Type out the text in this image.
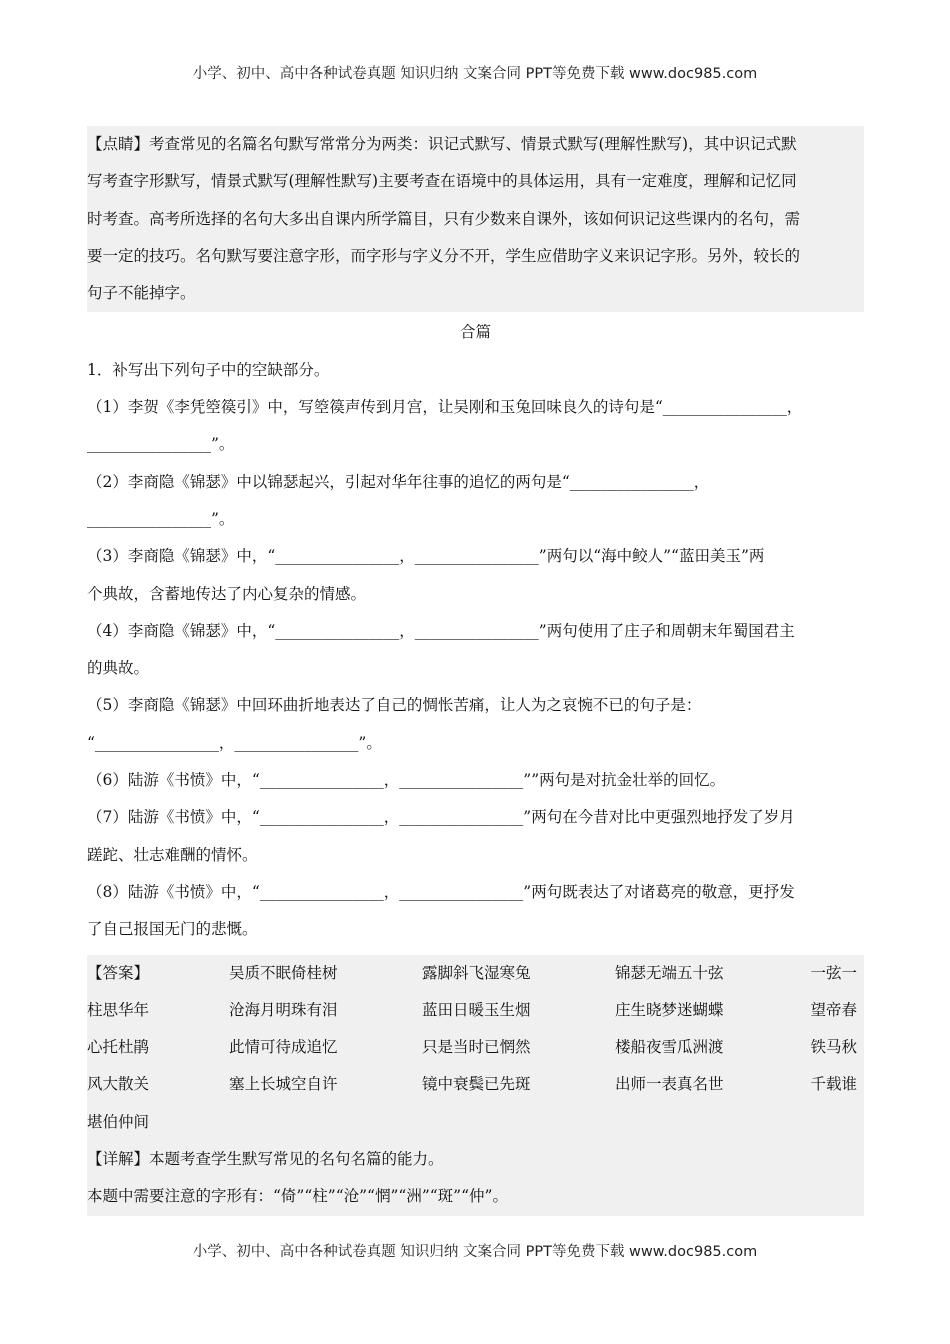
小学、初中、高中各种试卷真题 知识归纳 文案合同 PPT等免费下载 www.doc985.com
【点睛】考查常见的名篇名句默写常常分为两类：识记式默写、情景式默写(理解性默写)，其中识记式默
写考查字形默写，情景式默写(理解性默写)主要考查在语境中的具体运用，具有一定难度，理解和记忆同
时考查。高考所选择的名句大多出自课内所学篇目，只有少数来自课外，该如何识记这些课内的名句，需
要一定的技巧。名句默写要注意字形，而字形与字义分不开，学生应借助字义来识记字形。另外，较长的
句子不能掉字。
合篇
1．补写出下列句子中的空缺部分。
（1）李贺《李凭箜篌引》中，写箜篌声传到月宫，让吴刚和玉兔回味良久的诗句是“________________，
________________”。
（2）李商隐《锦瑟》中以锦瑟起兴，引起对华年往事的追忆的两句是“________________，
________________”。
（3）李商隐《锦瑟》中，“________________，________________”两句以“海中鲛人”“蓝田美玉”两
个典故，含蓄地传达了内心复杂的情感。
（4）李商隐《锦瑟》中，“________________，________________”两句使用了庄子和周朝末年蜀国君主
的典故。
（5）李商隐《锦瑟》中回环曲折地表达了自己的惆怅苦痛，让人为之哀惋不已的句子是：
“________________，________________”。
（6）陆游《书愤》中，“________________，________________””两句是对抗金壮举的回忆。
（7）陆游《书愤》中，“________________，________________”两句在今昔对比中更强烈地抒发了岁月
蹉跎、壮志难酬的情怀。
（8）陆游《书愤》中，“________________，________________”两句既表达了对诸葛亮的敬意，更抒发
了自己报国无门的悲慨。
【答案】	吴质不眠倚桂树	露脚斜飞湿寒兔	锦瑟无端五十弦	一弦一
柱思华年	沧海月明珠有泪	蓝田日暖玉生烟	庄生晓梦迷蝴蝶	望帝春
心托杜鹃	此情可待成追忆	只是当时已惘然	楼船夜雪瓜洲渡	铁马秋
风大散关	塞上长城空自许	镜中衰鬓已先斑	出师一表真名世	千载谁
堪伯仲间
【详解】本题考查学生默写常见的名句名篇的能力。
本题中需要注意的字形有：“倚”“柱”“沧”“惘”“洲”“斑”“仲”。
小学、初中、高中各种试卷真题 知识归纳 文案合同 PPT等免费下载 www.doc985.com
